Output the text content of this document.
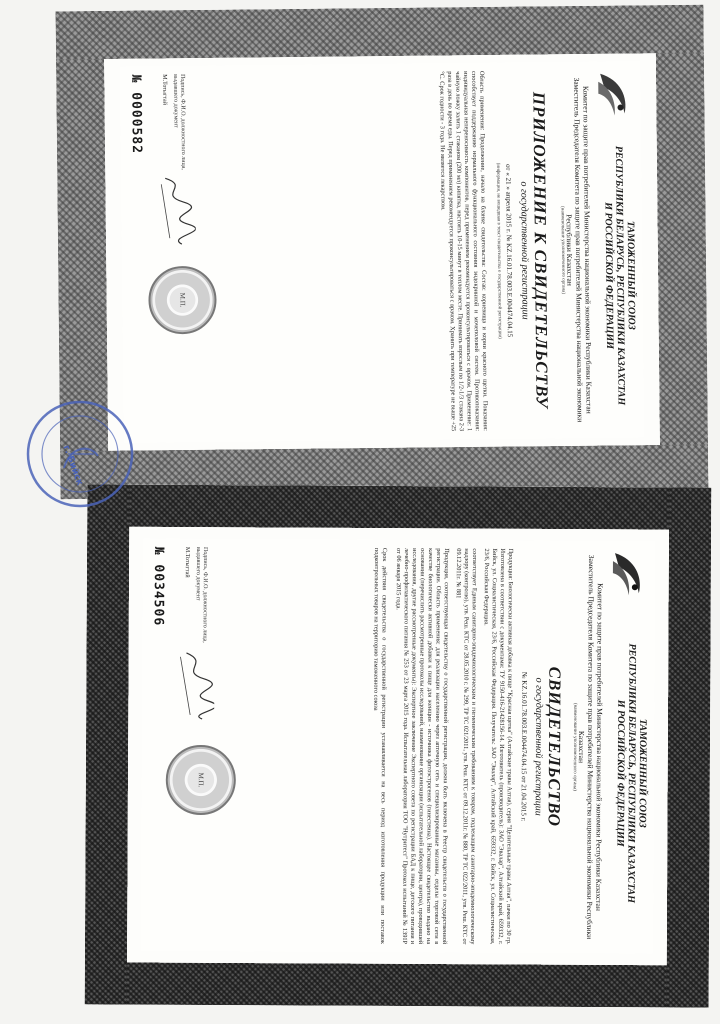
ТАМОЖЕННЫЙ СОЮЗ
РЕСПУБЛИКИ БЕЛАРУСЬ, РЕСПУБЛИКИ КАЗАХСТАН
И РОССИЙСКОЙ ФЕДЕРАЦИИ
Комитет по защите прав потребителей Министерства национальной экономики Республики Казахстан
Заместитель Председателя Комитета по защите прав потребителей Министерства национальной экономики Республики Казахстан
(наименование уполномоченного органа)
ПРИЛОЖЕНИЕ К СВИДЕТЕЛЬСТВУ
о государственной регистрации
от « 21 » апреля 2015 г. № KZ.16.01.78.003.E.004474.04.15
(информация, не вошедшая в текст свидетельства о государственной регистрации)
Область применения: Продолжение, начало на бланке свидетельства: Состав: корневища и корни красного щетки. Показания: способствует поддержанию нормального функционального состояния эндокринной и мочеполовой систем. Противопоказания: индивидуальная непереносимость компонентов, перед применением рекомендуется проконсультироваться с врачом. Применение: 1 чайную ложку залить 1 стаканом (200 мл) кипятка, настоять 10-15 минут в теплом месте. Принимать взрослым по 1/2-1/3 стакана 2-3 раза в день во время еды. Перед применением рекомендуется проконсультироваться с врачом. Хранить при температуре не выше +25 °С. Срок годности - 3 года. Не является лекарством.
Подпись, Ф.И.О. должностного лица, выдавшего документ
М.Тотыгтай
М.П.
№ 0000582
ТАМОЖЕННЫЙ СОЮЗ
РЕСПУБЛИКИ БЕЛАРУСЬ, РЕСПУБЛИКИ КАЗАХСТАН
И РОССИЙСКОЙ ФЕДЕРАЦИИ
Комитет по защите прав потребителей Министерства национальной экономики Республики Казахстан
Заместитель Председателя Комитета по защите прав потребителей Министерства национальной экономики Республики Казахстан
(наименование уполномоченного органа)
СВИДЕТЕЛЬСТВО
о государственной регистрации
№ KZ.16.01.78.003.E.004474.04.15 от 21.04.2015 г.
Продукция: Биологически активная добавка к пище "Красная щетка" (Алтайские травы Алтая), серия "Целительные травы Алтая", пачки по 30 гр. Изготовлена в соответствии с документами: ТУ 9150-416-21428156-14. Изготовитель (производитель): ЗАО "Эвалар", Алтайский край, 659332, г. Бийск, ул. Социалистическая, 23/6, Российская Федерация. Получатель: ЗАО "Эвалар", Алтайский край, 659332, г. Бийск, ул. Социалистическая, 23/6, Российская Федерация.
соответствует Единым санитарно-эпидемиологическим и гигиеническим требованиям к товарам, подлежащим санитарно-эпидемиологическому надзору (контролю), утв. Реш. КТС от 28.05.2010 г. № 299, ТР ТС 021/2011, утв. Реш. КТС от 09.12.2011г. № 880, ТР ТС 022/2011, утв. Реш. КТС от 09.12.2011г. № 881
Продукция, соответствующая свидетельству о государственной регистрации, должна быть включена в Реестр свидетельств о государственной регистрации. Область применения: для реализации населению через аптечную сеть и специализированные магазины, отделы торговой сети в качестве биологически активной добавки к пище для женщин - источника фитоэстрогенов (гинестеина). Настоящее свидетельство выдано на основании (перечислить рассмотренные протоколы исследований, наименование организации (испытательной лаборатории, центра), проводившей исследования, другие рассмотренные документы): Экспертное заключение Экспертного совета по регистрации БАД к пище, детского питания и лечебно-профилактического питания № 253 от 23 марта 2015 года. Испытательная лаборатория ТОО "Нутритест" Протокол испытаний № 1391Р от 06 января 2015 года.
Срок действия свидетельства о государственной регистрации устанавливается на весь период изготовления продукции или поставок подконтрольных товаров на территорию таможенного союза
Подпись, Ф.И.О. должностного лица, выдавшего документ
М.Тотыгтай
М.П.
№ 0034506
г. Бийск
